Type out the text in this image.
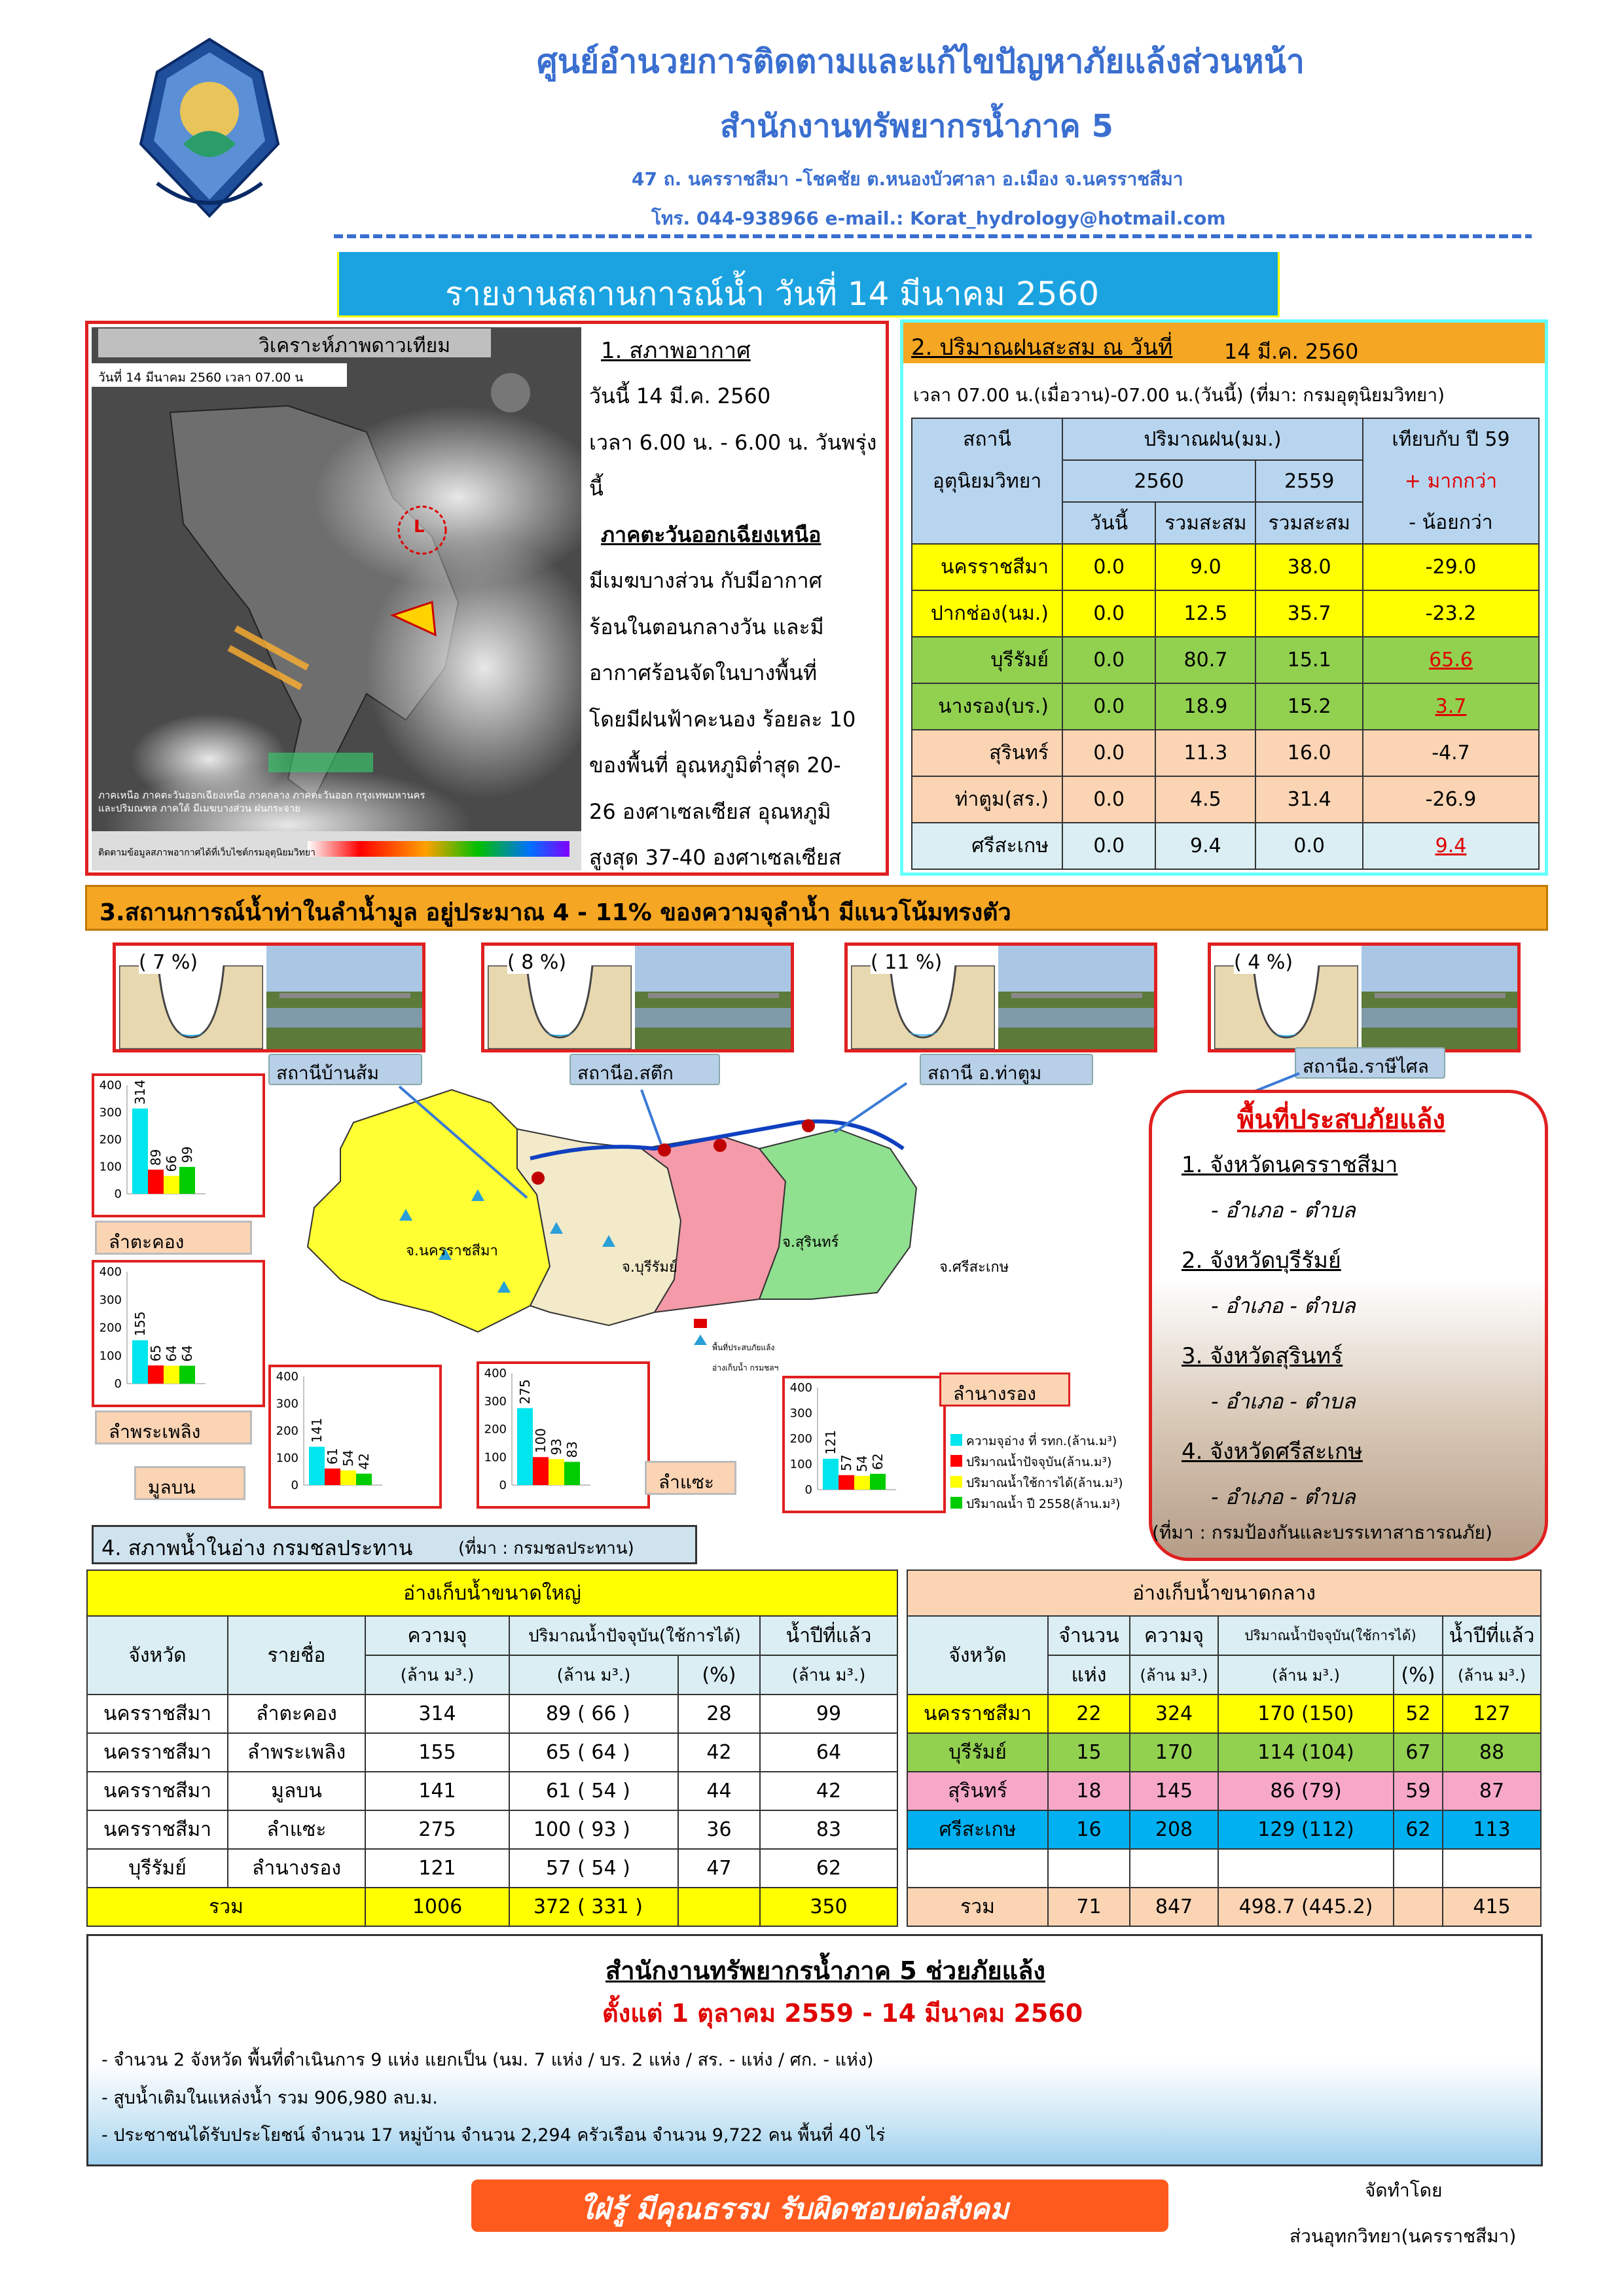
ศูนย์อำนวยการติดตามและแก้ไขปัญหาภัยแล้งส่วนหน้า
สำนักงานทรัพยากรน้ำภาค 5
47 ถ. นครราชสีมา -โชคชัย ต.หนองบัวศาลา อ.เมือง จ.นครราชสีมา
โทร. 044-938966 e-mail.: Korat_hydrology@hotmail.com
รายงานสถานการณ์น้ำ วันที่ 14 มีนาคม 2560
วิเคราะห์ภาพดาวเทียม
วันที่ 14 มีนาคม 2560 เวลา 07.00 น
L
ภาคเหนือ ภาคตะวันออกเฉียงเหนือ ภาคกลาง ภาคตะวันออก กรุงเทพมหานครและปริมณฑล ภาคใต้ มีเมฆบางส่วน ฝนกระจาย
ติดตามข้อมูลสภาพอากาศได้ที่เว็บไซต์กรมอุตุนิยมวิทยา
1. สภาพอากาศ
วันนี้ 14 มี.ค. 2560
เวลา 6.00 น. - 6.00 น. วันพรุ่งนี้
ภาคตะวันออกเฉียงเหนือ
มีเมฆบางส่วน กับมีอากาศ
ร้อนในตอนกลางวัน และมี
อากาศร้อนจัดในบางพื้นที่
โดยมีฝนฟ้าคะนอง ร้อยละ 10
ของพื้นที่ อุณหภูมิต่ำสุด 20-
26 องศาเซลเซียส อุณหภูมิ
สูงสุด 37-40 องศาเซลเซียส
2. ปริมาณฝนสะสม ณ วันที่ 14 มี.ค. 2560
เวลา 07.00 น.(เมื่อวาน)-07.00 น.(วันนี้) (ที่มา: กรมอุตุนิยมวิทยา)
สถานี	ปริมาณฝน(มม.)			เทียบกับ ปี 59
อุตุนิยมวิทยา	2560		2559	+ มากกว่า
	วันนี้	รวมสะสม	รวมสะสม	- น้อยกว่า
นครราชสีมา	0.0	9.0	38.0	-29.0
ปากช่อง(นม.)	0.0	12.5	35.7	-23.2
บุรีรัมย์	0.0	80.7	15.1	65.6
นางรอง(บร.)	0.0	18.9	15.2	3.7
สุรินทร์	0.0	11.3	16.0	-4.7
ท่าตูม(สร.)	0.0	4.5	31.4	-26.9
ศรีสะเกษ	0.0	9.4	0.0	9.4
3.สถานการณ์น้ำท่าในลำน้ำมูล อยู่ประมาณ 4 - 11% ของความจุลำน้ำ มีแนวโน้มทรงตัว
( 7 %)	( 8 %)	( 11 %)	( 4 %)
สถานีบ้านส้ม	สถานีอ.สตึก	สถานี อ.ท่าตูม	สถานีอ.ราษีไศล
จ.นครราชสีมา
จ.บุรีรัมย์
จ.สุรินทร์
จ.ศรีสะเกษ
พื้นที่ประสบภัยแล้ง
อ่างเก็บน้ำ กรมชลฯ
0
100
200
300
400 314
89 66
99
ลำตะคอง
0
100
200
300
400
155
65 64 64
ลำพระเพลิง
0
100
200
300
400
141
61 54 42
มูลบน	0
100
200
300
400
275
100 93 83
ลำแซะ	0
100
200
300
400
121
57 54 62
ลำนางรอง
ความจุอ่าง ที่ รทก.(ล้าน.ม³)
ปริมาณน้ำปัจจุบัน(ล้าน.ม³)
ปริมาณน้ำใช้การได้(ล้าน.ม³)
ปริมาณน้ำ ปี 2558(ล้าน.ม³)
พื้นที่ประสบภัยแล้ง
1. จังหวัดนครราชสีมา
- อำเภอ - ตำบล
2. จังหวัดบุรีรัมย์
- อำเภอ - ตำบล
3. จังหวัดสุรินทร์
- อำเภอ - ตำบล
4. จังหวัดศรีสะเกษ
- อำเภอ - ตำบล
(ที่มา : กรมป้องกันและบรรเทาสาธารณภัย)
4. สภาพน้ำในอ่าง กรมชลประทาน	(ที่มา : กรมชลประทาน)
อ่างเก็บน้ำขนาดใหญ่						
จังหวัด	รายชื่อ	ความจุ	ปริมาณน้ำปัจจุบัน(ใช้การได้)			น้ำปีที่แล้ว
		(ล้าน ม³.)	(ล้าน ม³.)		(%)	(ล้าน ม³.)
นครราชสีมา	ลำตะคอง	314	89	( 66 )	28	99
นครราชสีมา	ลำพระเพลิง	155	65	( 64 )	42	64
นครราชสีมา	มูลบน	141	61	( 54 )	44	42
นครราชสีมา	ลำแซะ	275	100	( 93 )	36	83
บุรีรัมย์	ลำนางรอง	121	57	( 54 )	47	62
รวม		1006	372	( 331 )		350
อ่างเก็บน้ำขนาดกลาง					
จังหวัด	จำนวน	ความจุ	ปริมาณน้ำปัจจุบัน(ใช้การได้)		น้ำปีที่แล้ว
	แห่ง	(ล้าน ม³.)	(ล้าน ม³.)	(%)	(ล้าน ม³.)
นครราชสีมา	22	324	170 (150)	52	127
บุรีรัมย์	15	170	114 (104)	67	88
สุรินทร์	18	145	86 (79)	59	87
ศรีสะเกษ	16	208	129 (112)	62	113

รวม	71	847	498.7 (445.2)		415
สำนักงานทรัพยากรน้ำภาค 5 ช่วยภัยแล้ง
ตั้งแต่ 1 ตุลาคม 2559 - 14 มีนาคม 2560
- จำนวน 2 จังหวัด พื้นที่ดำเนินการ 9 แห่ง แยกเป็น (นม. 7 แห่ง / บร. 2 แห่ง / สร. - แห่ง / ศก. - แห่ง)
- สูบน้ำเติมในแหล่งน้ำ รวม 906,980 ลบ.ม.
- ประชาชนได้รับประโยชน์ จำนวน 17 หมู่บ้าน จำนวน 2,294 ครัวเรือน จำนวน 9,722 คน พื้นที่ 40 ไร่
ใฝ่รู้ มีคุณธรรม รับผิดชอบต่อสังคม
จัดทำโดย
ส่วนอุทกวิทยา(นครราชสีมา)
